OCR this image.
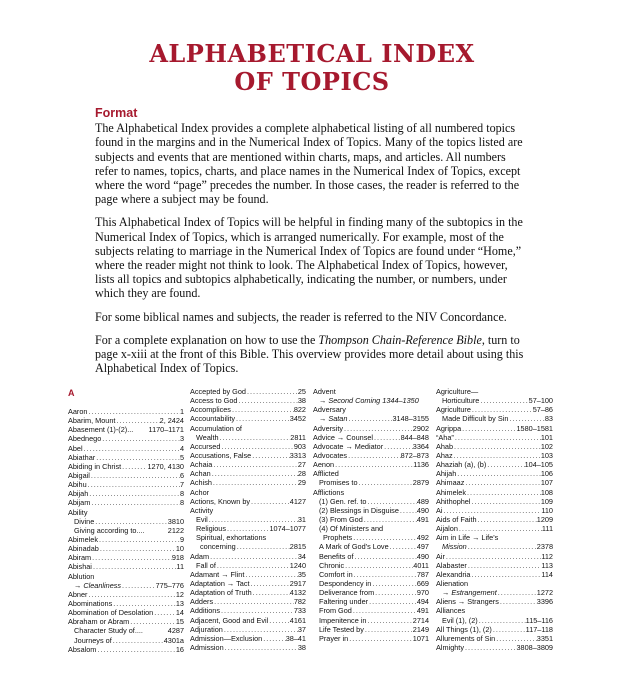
ALPHABETICAL INDEX
OF TOPICS
Format

The Alphabetical Index provides a complete alphabetical listing of all numbered topics found in the margins and in the Numerical Index of Topics. Many of the topics listed are subjects and events that are mentioned within charts, maps, and articles. All numbers refer to names, topics, charts, and place names in the Numerical Index of Topics, except where the word “page” precedes the number. In those cases, the reader is referred to the page where a subject may be found.

This Alphabetical Index of Topics will be helpful in finding many of the subtopics in the Numerical Index of Topics, which is arranged numerically. For example, most of the subjects relating to marriage in the Numerical Index of Topics are found under “Home,” where the reader might not think to look. The Alphabetical Index of Topics, however, lists all topics and subtopics alphabetically, indicating the number, or numbers, under which they are found.

For some biblical names and subjects, the reader is referred to the NIV Concordance.

For a complete explanation on how to use the Thompson Chain-Reference Bible, turn to page x-xiii at the front of this Bible. This overview provides more detail about using this Alphabetical Index of Topics.

A
Aaron .....	1
Abarim, Mount .....	2, 2424
Abasement (1)-(2)... 1170–1171
Abednego .....	3
Abel .....	4
Abiathar .....	5
Abiding in Christ .....	1270, 4130
Abigail .....	6
Abihu .....	7
Abijah .....	8
Abijam .....	8
Ability
Divine .....	3810
Giving according to....	2122
Abimelek .....	9
Abinadab .....	10
Abiram .....	918
Abishai .....	11
Ablution
→ Cleanliness .....	775–776
Abner .....	12
Abominations .....	13
Abomination of Desolation .....	14
Abraham or Abram .....	15
Character Study of....	4287
Journeys of .....	4301a
Absalom .....	16
Accepted by God .....	25
Access to God .....	38
Accomplices .....	822
Accountability .....	3452
Accumulation of
Wealth .....	2811
Accursed .....	903
Accusations, False .....	3313
Achaia .....	27
Achan .....	28
Achish .....	29
Achor
Actions, Known by .....	4127
Activity
Evil .....	31
Religious .....	1074–1077
Spiritual, exhortations
concerning .....	2815
Adam .....	34
Fall of .....	1240
Adamant → Flint .....	35
Adaptation → Tact .....	2917
Adaptation of Truth .....	4132
Adders .....	782
Additions .....	733
Adjacent, Good and Evil .....	4161
Adjuration .....	37
Admission—Exclusion .....	38–41
Admission .....	38
Advent
→ Second Coming 1344–1350
Adversary
→ Satan .....	3148–3155
Adversity .....	2902
Advice → Counsel .....	844–848
Advocate → Mediator .....	3364
Advocates .....	872–873
Aenon .....	1136
Afflicted
Promises to .....	2879
Afflictions
(1) Gen. ref. to .....	489
(2) Blessings in Disguise ..... 490
(3) From God .....	491
(4) Of Ministers and
Prophets .....	492
A Mark of God’s Love .....	497
Benefits of .....	490
Chronic .....	4011
Comfort in .....	787
Despondency in .....	669
Deliverance from .....	970
Faltering under .....	494
From God .....	491
Impenitence in .....	2714
Life Tested by .....	2149
Prayer in .....	1071
Agriculture—
Horticulture .....	57–100
Agriculture .....	57–86
Made Difficult by Sin .....	83
Agrippa .....	1580–1581
“Aha” .....	101
Ahab .....	102
Ahaz .....	103
Ahaziah (a), (b) .....	104–105
Ahijah .....	106
Ahimaaz .....	107
Ahimelek .....	108
Ahithophel .....	109
Ai .....	110
Aids of Faith .....	1209
Aijalon .....	111
Aim in Life → Life’s
Mission .....	2378
Air .....	112
Alabaster .....	113
Alexandria .....	114
Alienation
→ Estrangement .....	1272
Aliens → Strangers .....	3396
Alliances
Evil (1), (2) .....	115–116
All Things (1), (2) .....	117–118
Allurements of Sin .....	3351
Almighty .....	3808–3809
